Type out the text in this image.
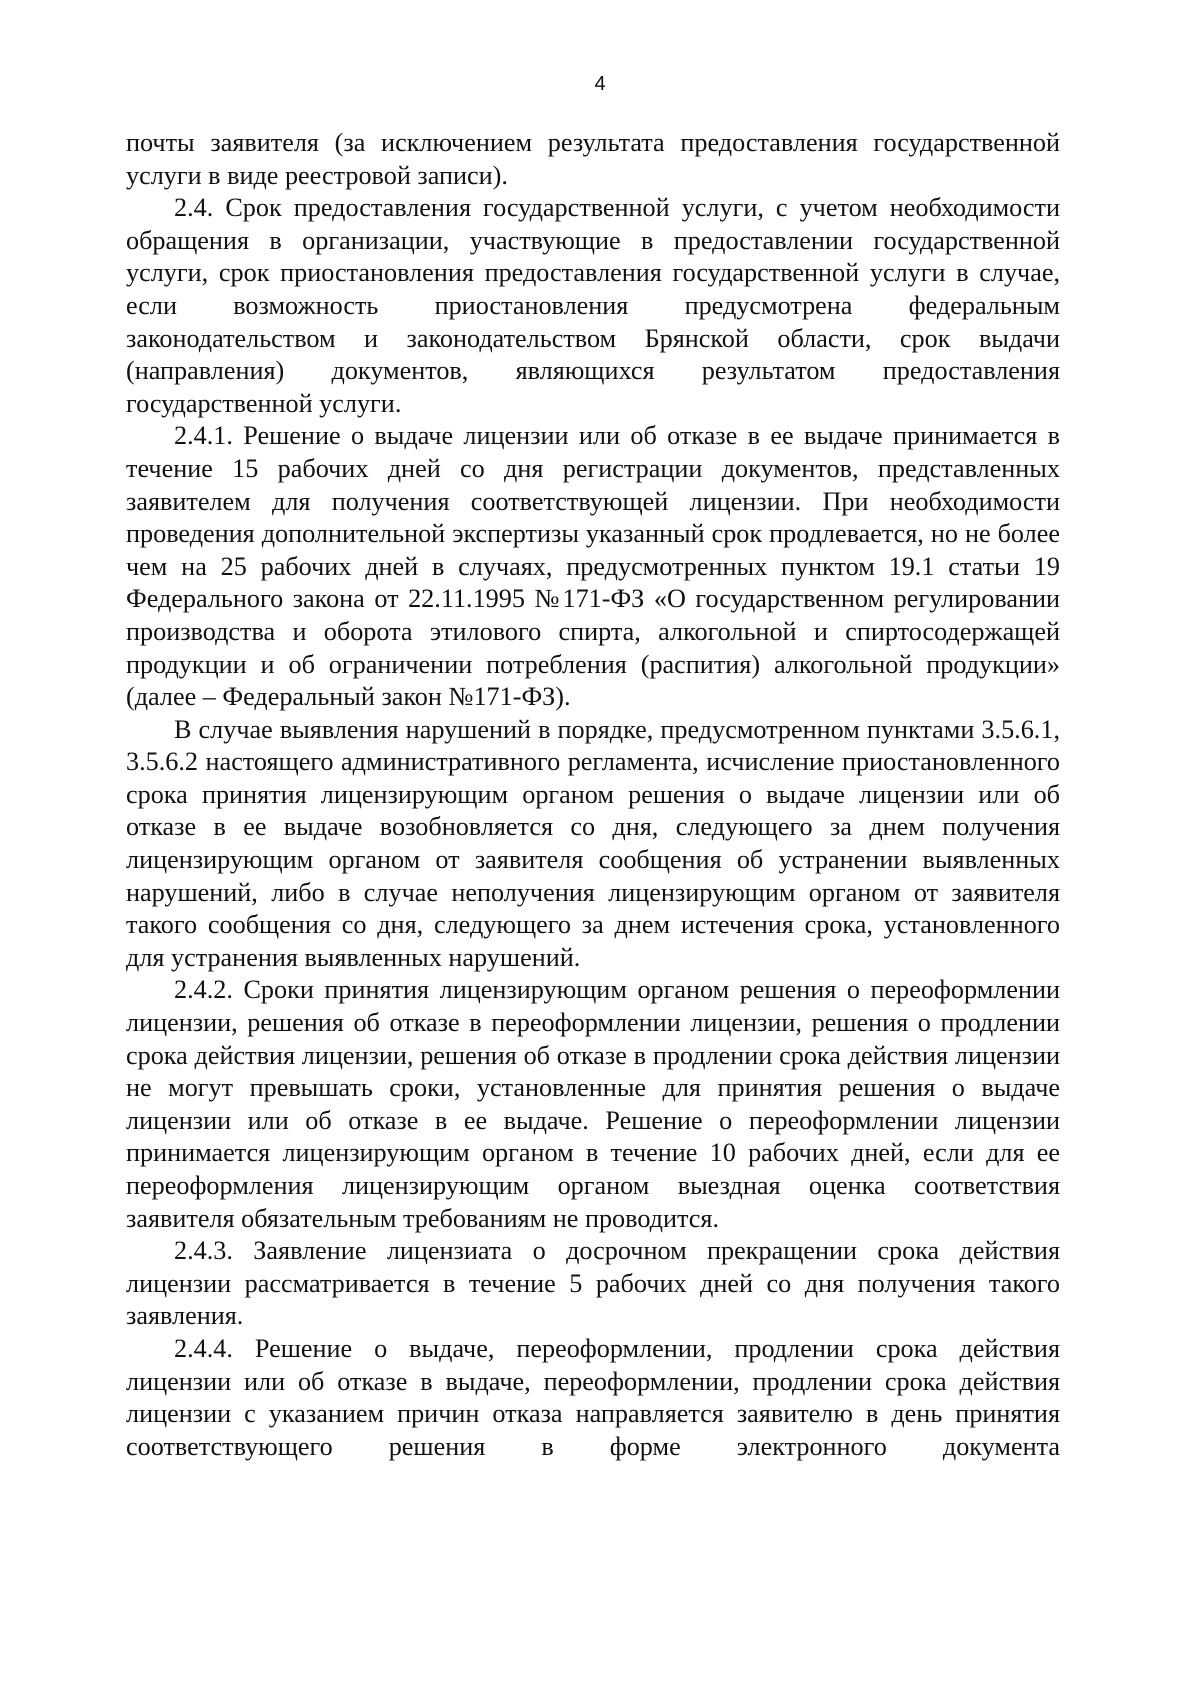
4

почты заявителя (за исключением результата предоставления государственной услуги в виде реестровой записи).

2.4. Срок предоставления государственной услуги, с учетом необходимости обращения в организации, участвующие в предоставлении государственной услуги, срок приостановления предоставления государственной услуги в случае, если возможность приостановления предусмотрена федеральным законодательством и законодательством Брянской области, срок выдачи (направления) документов, являющихся результатом предоставления государственной услуги.

2.4.1. Решение о выдаче лицензии или об отказе в ее выдаче принимается в течение 15 рабочих дней со дня регистрации документов, представленных заявителем для получения соответствующей лицензии. При необходимости проведения дополнительной экспертизы указанный срок продлевается, но не более чем на 25 рабочих дней в случаях, предусмотренных пунктом 19.1 статьи 19 Федерального закона от 22.11.1995 №171-ФЗ «О государственном регулировании производства и оборота этилового спирта, алкогольной и спиртосодержащей продукции и об ограничении потребления (распития) алкогольной продукции» (далее – Федеральный закон №171-ФЗ).

В случае выявления нарушений в порядке, предусмотренном пунктами 3.5.6.1, 3.5.6.2 настоящего административного регламента, исчисление приостановленного срока принятия лицензирующим органом решения о выдаче лицензии или об отказе в ее выдаче возобновляется со дня, следующего за днем получения лицензирующим органом от заявителя сообщения об устранении выявленных нарушений, либо в случае неполучения лицензирующим органом от заявителя такого сообщения со дня, следующего за днем истечения срока, установленного для устранения выявленных нарушений.

2.4.2. Сроки принятия лицензирующим органом решения о переоформлении лицензии, решения об отказе в переоформлении лицензии, решения о продлении срока действия лицензии, решения об отказе в продлении срока действия лицензии не могут превышать сроки, установленные для принятия решения о выдаче лицензии или об отказе в ее выдаче. Решение о переоформлении лицензии принимается лицензирующим органом в течение 10 рабочих дней, если для ее переоформления лицензирующим органом выездная оценка соответствия заявителя обязательным требованиям не проводится.

2.4.3. Заявление лицензиата о досрочном прекращении срока действия лицензии рассматривается в течение 5 рабочих дней со дня получения такого заявления.

2.4.4. Решение о выдаче, переоформлении, продлении срока действия лицензии или об отказе в выдаче, переоформлении, продлении срока действия лицензии с указанием причин отказа направляется заявителю в день принятия соответствующего решения в форме электронного документа
